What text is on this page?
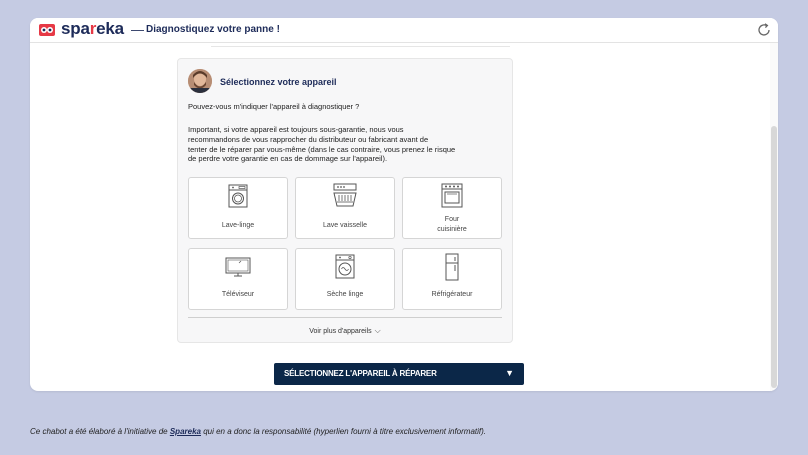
spareka — Diagnostiquez votre panne !
Sélectionnez votre appareil
Pouvez-vous m'indiquer l'appareil à diagnostiquer ?
Important, si votre appareil est toujours sous-garantie, nous vous
recommandons de vous rapprocher du distributeur ou fabricant avant de
tenter de le réparer par vous-même (dans le cas contraire, vous prenez le risque
de perdre votre garantie en cas de dommage sur l'appareil).
Lave-linge	Lave vaisselle
Four
cuisinière
Téléviseur	Sèche linge	Réfrigérateur
Voir plus d'appareils ⌵
SÉLECTIONNEZ L'APPAREIL À RÉPARER	▼
Ce chabot a été élaboré à l'initiative de Spareka qui en a donc la responsabilité (hyperlien fourni à titre exclusivement informatif).
